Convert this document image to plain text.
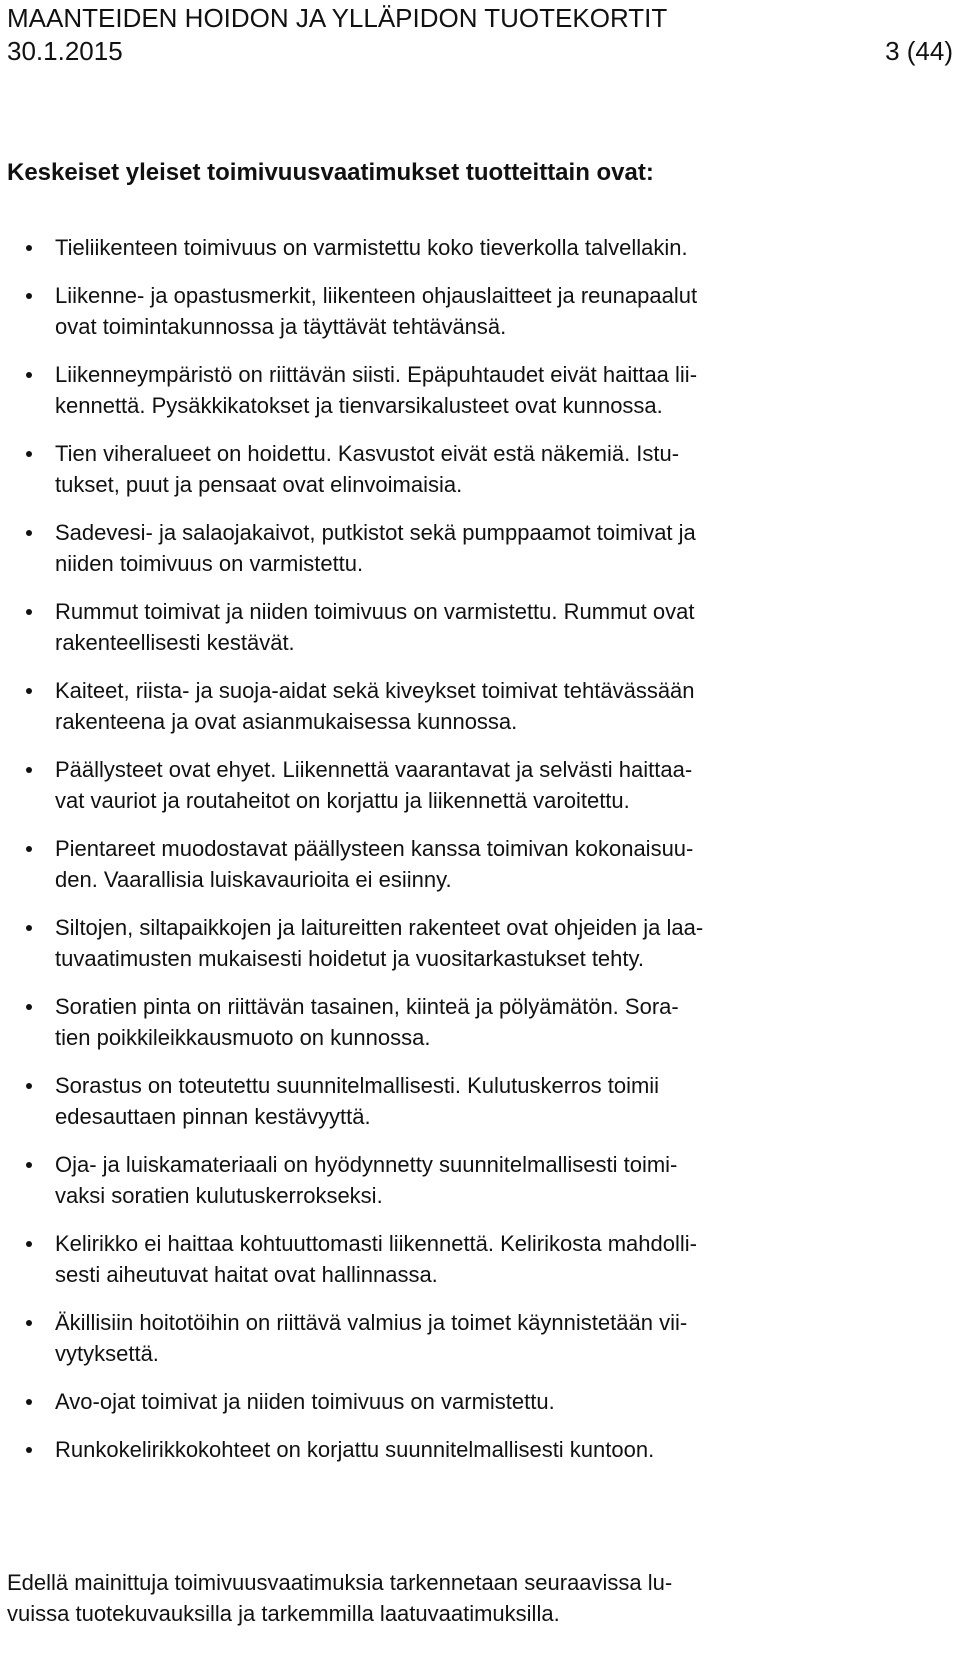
MAANTEIDEN HOIDON JA YLLÄPIDON TUOTEKORTIT
30.1.2015	3 (44)
Keskeiset yleiset toimivuusvaatimukset tuotteittain ovat:
Tieliikenteen toimivuus on varmistettu koko tieverkolla talvellakin.
Liikenne- ja opastusmerkit, liikenteen ohjauslaitteet ja reunapaalut
ovat toimintakunnossa ja täyttävät tehtävänsä.
Liikenneympäristö on riittävän siisti. Epäpuhtaudet eivät haittaa lii-
kennettä. Pysäkkikatokset ja tienvarsikalusteet ovat kunnossa.
Tien viheralueet on hoidettu. Kasvustot eivät estä näkemiä. Istu-
tukset, puut ja pensaat ovat elinvoimaisia.
Sadevesi- ja salaojakaivot, putkistot sekä pumppaamot toimivat ja
niiden toimivuus on varmistettu.
Rummut toimivat ja niiden toimivuus on varmistettu. Rummut ovat
rakenteellisesti kestävät.
Kaiteet, riista- ja suoja-aidat sekä kiveykset toimivat tehtävässään
rakenteena ja ovat asianmukaisessa kunnossa.
Päällysteet ovat ehyet. Liikennettä vaarantavat ja selvästi haittaa-
vat vauriot ja routaheitot on korjattu ja liikennettä varoitettu.
Pientareet muodostavat päällysteen kanssa toimivan kokonaisuu-
den. Vaarallisia luiskavaurioita ei esiinny.
Siltojen, siltapaikkojen ja laitureitten rakenteet ovat ohjeiden ja laa-
tuvaatimusten mukaisesti hoidetut ja vuositarkastukset tehty.
Soratien pinta on riittävän tasainen, kiinteä ja pölyämätön. Sora-
tien poikkileikkausmuoto on kunnossa.
Sorastus on toteutettu suunnitelmallisesti. Kulutuskerros toimii
edesauttaen pinnan kestävyyttä.
Oja- ja luiskamateriaali on hyödynnetty suunnitelmallisesti toimi-
vaksi soratien kulutuskerrokseksi.
Kelirikko ei haittaa kohtuuttomasti liikennettä. Kelirikosta mahdolli-
sesti aiheutuvat haitat ovat hallinnassa.
Äkillisiin hoitotöihin on riittävä valmius ja toimet käynnistetään vii-
vytyksettä.
Avo-ojat toimivat ja niiden toimivuus on varmistettu.
Runkokelirikkokohteet on korjattu suunnitelmallisesti kuntoon.
Edellä mainittuja toimivuusvaatimuksia tarkennetaan seuraavissa lu-
vuissa tuotekuvauksilla ja tarkemmilla laatuvaatimuksilla.
